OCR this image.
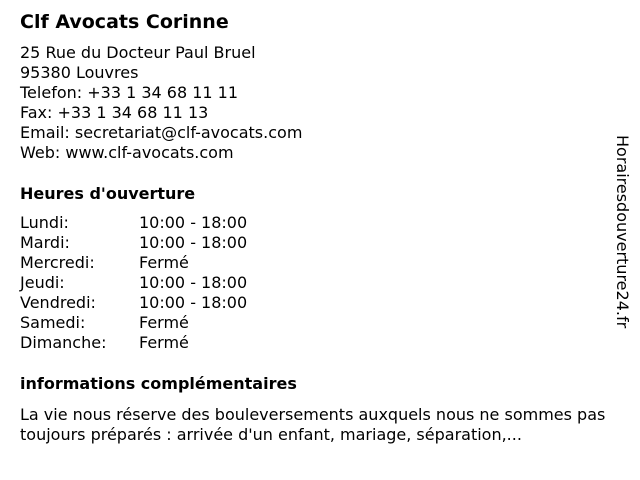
Clf Avocats Corinne
25 Rue du Docteur Paul Bruel
95380 Louvres
Telefon: +33 1 34 68 11 11
Fax: +33 1 34 68 11 13
Email: secretariat@clf-avocats.com
Web: www.clf-avocats.com
Heures d'ouverture
Lundi:	10:00 - 18:00
Mardi:	10:00 - 18:00
Mercredi:	Fermé
Jeudi:	10:00 - 18:00
Vendredi:	10:00 - 18:00
Samedi:	Fermé
Dimanche: Fermé
informations complémentaires
La vie nous réserve des bouleversements auxquels nous ne sommes pas toujours préparés : arrivée d'un enfant, mariage, séparation,...
Horairesdouverture24.fr
